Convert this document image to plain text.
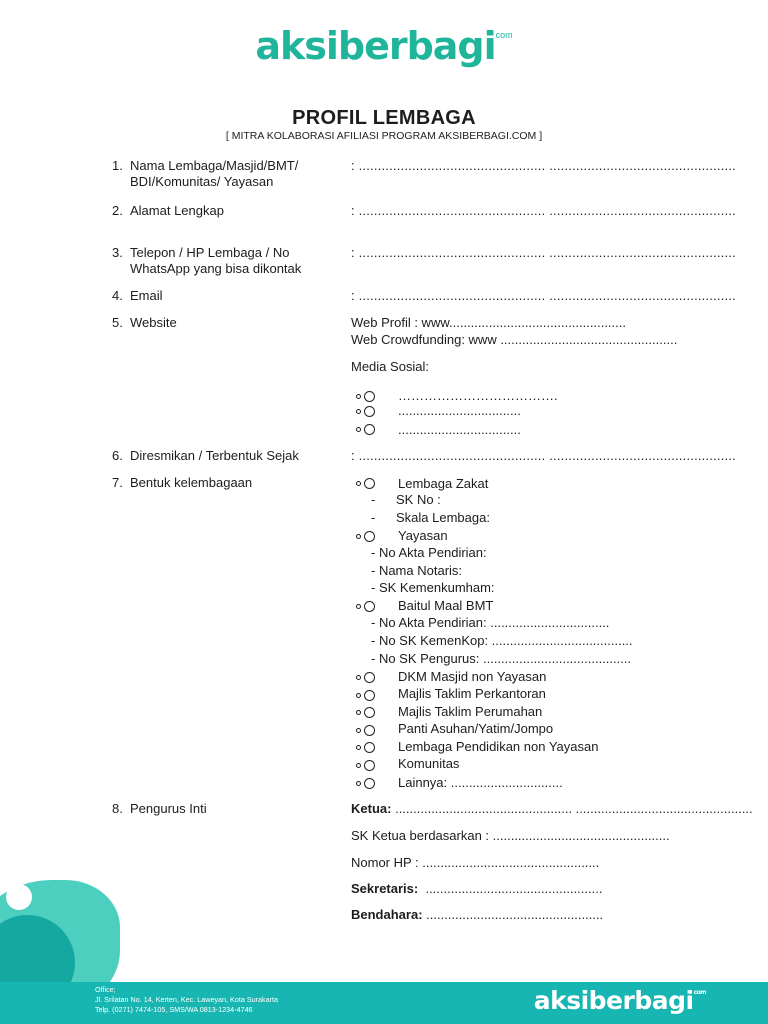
aksiberbagi$^{com}$
PROFIL LEMBAGA
[ MITRA KOLABORASI AFILIASI PROGRAM AKSIBERBAGI.COM ]
1. Nama Lembaga/Masjid/BMT/
BDI/Komunitas/ Yayasan
: ................................................. .................................................
2. Alamat Lengkap	: ................................................. .................................................
3. Telepon / HP Lembaga / No
WhatsApp yang bisa dikontak
: ................................................. .................................................
4. Email	: ................................................. .................................................
5. Website	Web Profil : www.................................................
Web Crowdfunding: www .................................................
Media Sosial:
……………………………….
..................................
..................................
6. Diresmikan / Terbentuk Sejak	: ................................................. .................................................
7. Bentuk kelembagaan	Lembaga Zakat
- SK No :
- Skala Lembaga:
Yayasan
- No Akta Pendirian:
- Nama Notaris:
- SK Kemenkumham:
Baitul Maal BMT
- No Akta Pendirian: .................................
- No SK KemenKop: .......................................
- No SK Pengurus: .........................................
DKM Masjid non Yayasan
Majlis Taklim Perkantoran
Majlis Taklim Perumahan
Panti Asuhan/Yatim/Jompo
Lembaga Pendidikan non Yayasan
Komunitas
Lainnya: ...............................
8. Pengurus Inti	Ketua: ................................................. .................................................
SK Ketua berdasarkan : .................................................
Nomor HP : .................................................
Sekretaris: .................................................
Bendahara: .................................................
Office;
Jl. Srilatan No. 14, Kerten, Kec. Laweyan, Kota Surakarta
Telp. (0271) 7474-105, SMS/WA 0813-1234-4746	aksiberbagi$^{com}$
